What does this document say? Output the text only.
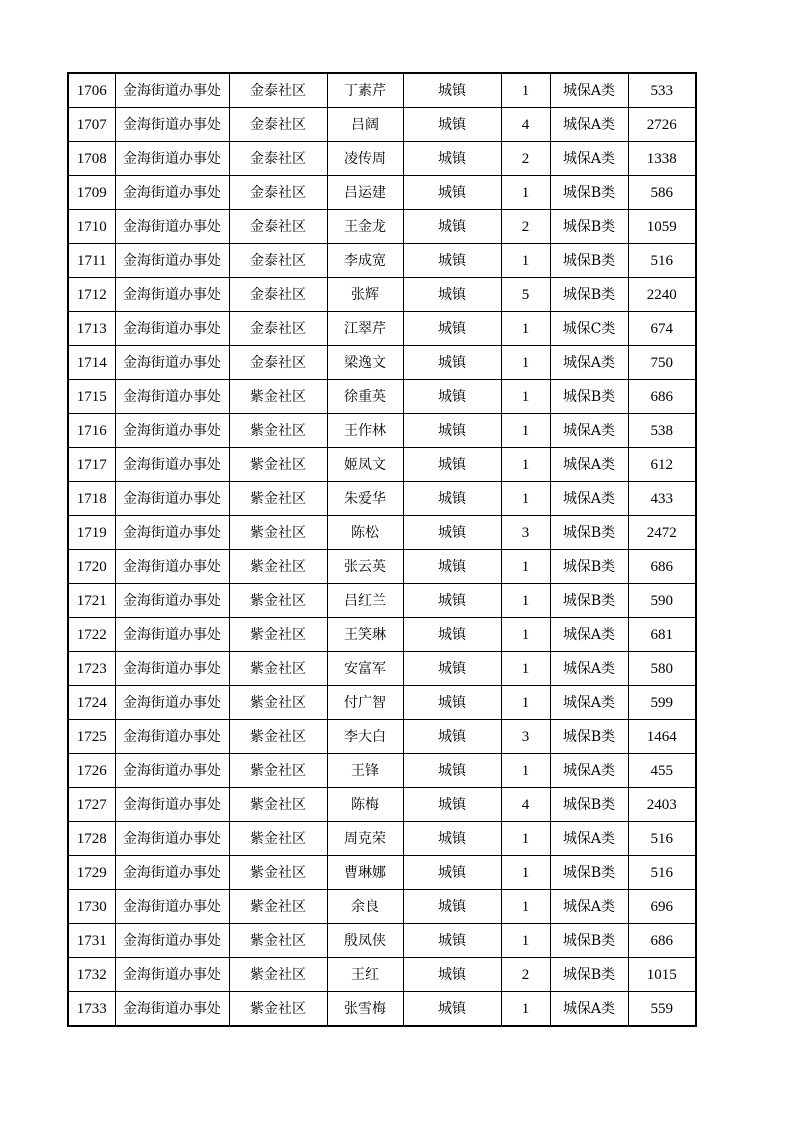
1706	金海街道办事处	金泰社区	丁素芹	城镇	1	城保A类	533
1707	金海街道办事处	金泰社区	吕阔	城镇	4	城保A类	2726
1708	金海街道办事处	金泰社区	凌传周	城镇	2	城保A类	1338
1709	金海街道办事处	金泰社区	吕运建	城镇	1	城保B类	586
1710	金海街道办事处	金泰社区	王金龙	城镇	2	城保B类	1059
1711	金海街道办事处	金泰社区	李成宽	城镇	1	城保B类	516
1712	金海街道办事处	金泰社区	张辉	城镇	5	城保B类	2240
1713	金海街道办事处	金泰社区	江翠芹	城镇	1	城保C类	674
1714	金海街道办事处	金泰社区	梁逸文	城镇	1	城保A类	750
1715	金海街道办事处	紫金社区	徐重英	城镇	1	城保B类	686
1716	金海街道办事处	紫金社区	王作林	城镇	1	城保A类	538
1717	金海街道办事处	紫金社区	姬凤文	城镇	1	城保A类	612
1718	金海街道办事处	紫金社区	朱爱华	城镇	1	城保A类	433
1719	金海街道办事处	紫金社区	陈松	城镇	3	城保B类	2472
1720	金海街道办事处	紫金社区	张云英	城镇	1	城保B类	686
1721	金海街道办事处	紫金社区	吕红兰	城镇	1	城保B类	590
1722	金海街道办事处	紫金社区	王笑琳	城镇	1	城保A类	681
1723	金海街道办事处	紫金社区	安富军	城镇	1	城保A类	580
1724	金海街道办事处	紫金社区	付广智	城镇	1	城保A类	599
1725	金海街道办事处	紫金社区	李大白	城镇	3	城保B类	1464
1726	金海街道办事处	紫金社区	王锋	城镇	1	城保A类	455
1727	金海街道办事处	紫金社区	陈梅	城镇	4	城保B类	2403
1728	金海街道办事处	紫金社区	周克荣	城镇	1	城保A类	516
1729	金海街道办事处	紫金社区	曹琳娜	城镇	1	城保B类	516
1730	金海街道办事处	紫金社区	余良	城镇	1	城保A类	696
1731	金海街道办事处	紫金社区	殷凤侠	城镇	1	城保B类	686
1732	金海街道办事处	紫金社区	王红	城镇	2	城保B类	1015
1733	金海街道办事处	紫金社区	张雪梅	城镇	1	城保A类	559
